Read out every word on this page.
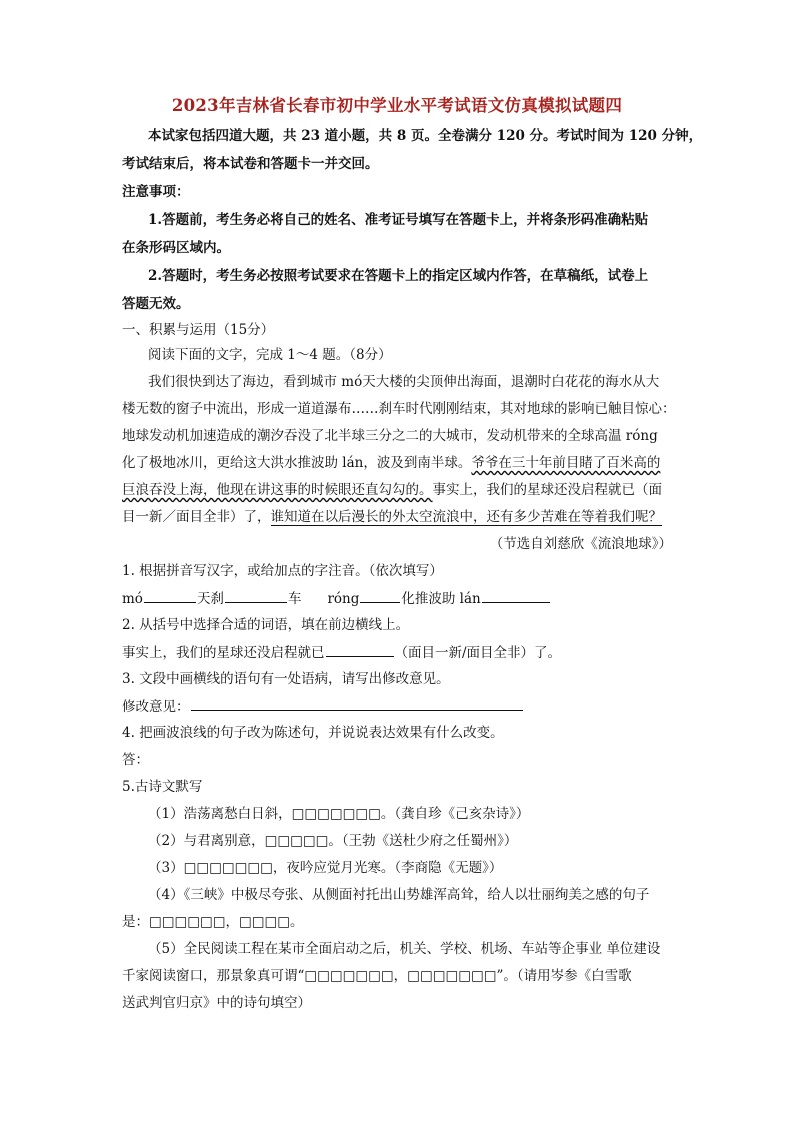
2023年吉林省长春市初中学业水平考试语文仿真模拟试题四
本试家包括四道大题，共 23 道小题，共 8 页。全卷满分 120 分。考试时间为 120 分钟，
考试结束后，将本试卷和答题卡一并交回。
注意事项：
1.答题前，考生务必将自己的姓名、准考证号填写在答题卡上，并将条形码准确粘贴
在条形码区域内。
2.答题时，考生务必按照考试要求在答题卡上的指定区域内作答，在草稿纸，试卷上
答题无效。
一、积累与运用（15分）
阅读下面的文字，完成 1～4 题。（8分）
我们很快到达了海边，看到城市 mó天大楼的尖顶伸出海面，退潮时白花花的海水从大
楼无数的窗子中流出，形成一道道瀑布……刹车时代刚刚结束，其对地球的影响已触目惊心：
地球发动机加速造成的潮汐吞没了北半球三分之二的大城市，发动机带来的全球高温 róng
化了极地冰川，更给这大洪水推波助 lán，波及到南半球。爷爷在三十年前目睹了百米高的
巨浪吞没上海，他现在讲这事的时候眼还直勾勾的。事实上，我们的星球还没启程就已（面
目一新／面目全非）了，谁知道在以后漫长的外太空流浪中，还有多少苦难在等着我们呢？
（节选自刘慈欣《流浪地球》）
1. 根据拼音写汉字，或给加点的字注音。（依次填写）
mó	天刹	车 róng	化推波助 lán
2. 从括号中选择合适的词语，填在前边横线上。
事实上，我们的星球还没启程就已	（面目一新/面目全非）了。
3. 文段中画横线的语句有一处语病，请写出修改意见。
修改意见：
4. 把画波浪线的句子改为陈述句，并说说表达效果有什么改变。
答：
5.古诗文默写
（1）浩荡离愁白日斜，□□□□□□□。（龚自珍《己亥杂诗》）
（2）与君离别意，□□□□□。（王勃《送杜少府之任蜀州》）
（3）□□□□□□□，夜吟应觉月光寒。（李商隐《无题》）
（4）《三峡》中极尽夸张、从侧面衬托出山势雄浑高耸，给人以壮丽绚美之感的句子
是：□□□□□□，□□□□。
（5）全民阅读工程在某市全面启动之后，机关、学校、机场、车站等企事业 单位建设
千家阅读窗口，那景象真可谓“□□□□□□□，□□□□□□□”。（请用岑参《白雪歌
送武判官归京》中的诗句填空）
